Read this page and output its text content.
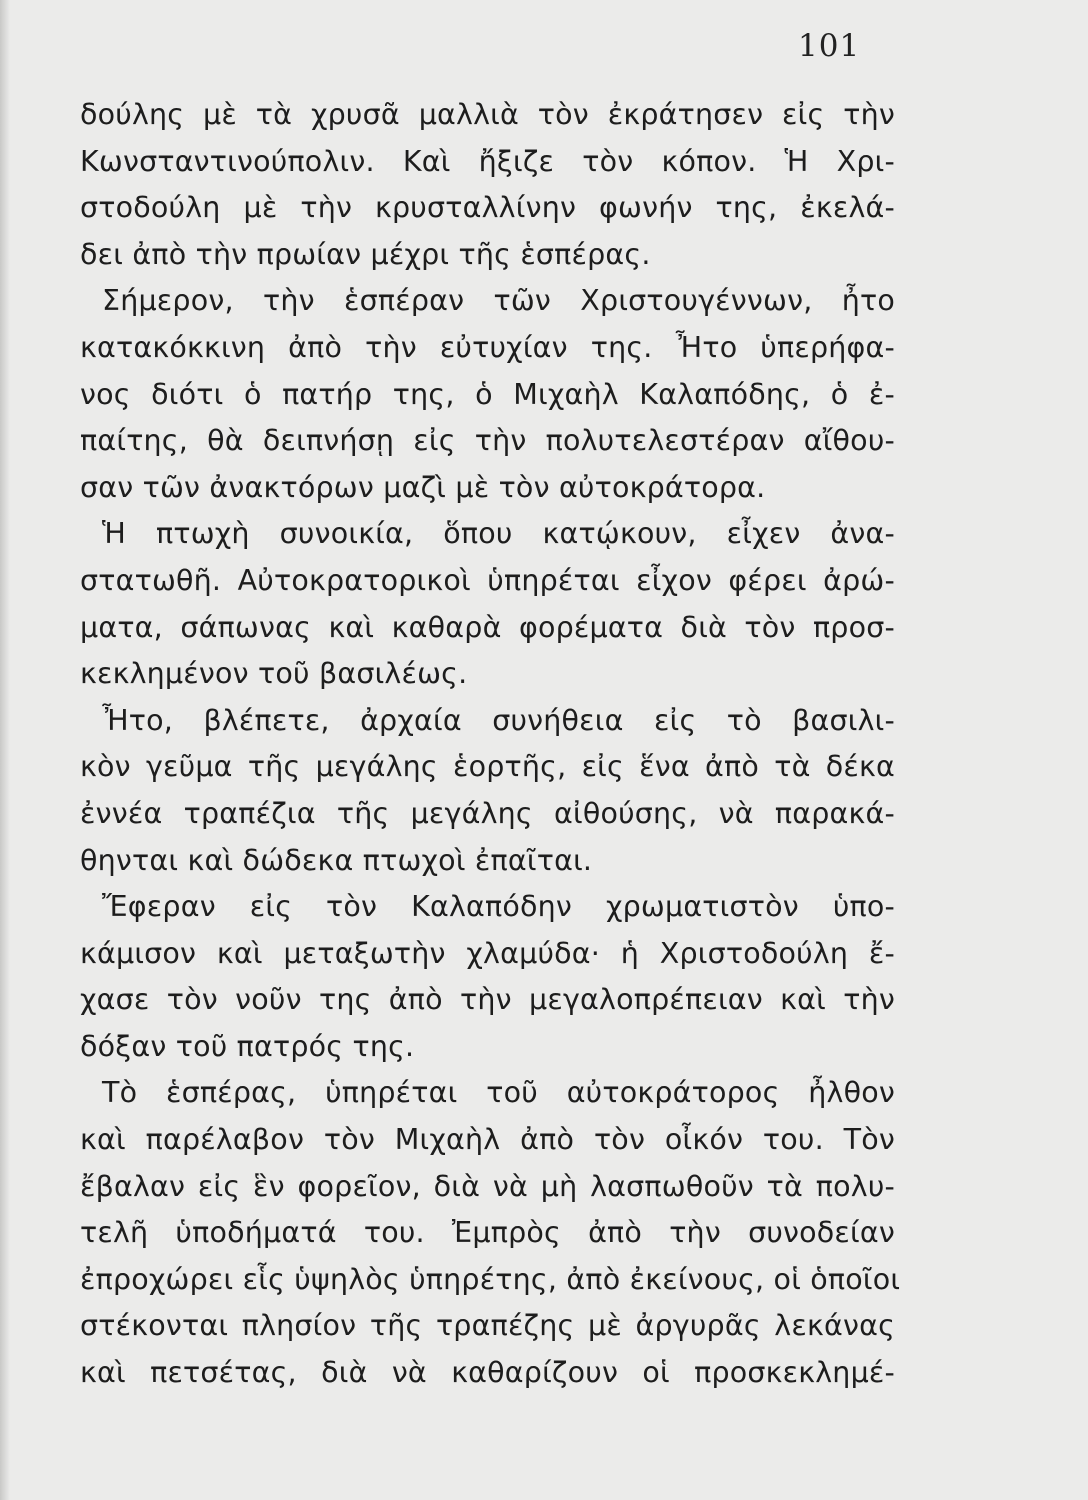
101
δούλης μὲ τὰ χρυσᾶ μαλλιὰ τὸν ἐκράτησεν εἰς τὴν
Κωνσταντινούπολιν. Καὶ ἤξιζε τὸν κόπον. Ἡ Χρι-
στοδούλη μὲ τὴν κρυσταλλίνην φωνήν της, ἐκελά-
δει ἀπὸ τὴν πρωίαν μέχρι τῆς ἑσπέρας.
Σήμερον, τὴν ἑσπέραν τῶν Χριστουγέννων, ἦτο
κατακόκκινη ἀπὸ τὴν εὐτυχίαν της. Ἦτο ὑπερήφα-
νος διότι ὁ πατήρ της, ὁ Μιχαὴλ Καλαπόδης, ὁ ἐ-
παίτης, θὰ δειπνήσῃ εἰς τὴν πολυτελεστέραν αἴθου-
σαν τῶν ἀνακτόρων μαζὶ μὲ τὸν αὐτοκράτορα.
Ἡ πτωχὴ συνοικία, ὅπου κατῴκουν, εἶχεν ἀνα-
στατωθῆ. Αὐτοκρατορικοὶ ὑπηρέται εἶχον φέρει ἀρώ-
ματα, σάπωνας καὶ καθαρὰ φορέματα διὰ τὸν προσ-
κεκλημένον τοῦ βασιλέως.
Ἦτο, βλέπετε, ἀρχαία συνήθεια εἰς τὸ βασιλι-
κὸν γεῦμα τῆς μεγάλης ἑορτῆς, εἰς ἕνα ἀπὸ τὰ δέκα
ἐννέα τραπέζια τῆς μεγάλης αἰθούσης, νὰ παρακά-
θηνται καὶ δώδεκα πτωχοὶ ἐπαῖται.
Ἔφεραν εἰς τὸν Καλαπόδην χρωματιστὸν ὑπο-
κάμισον καὶ μεταξωτὴν χλαμύδα· ἡ Χριστοδούλη ἔ-
χασε τὸν νοῦν της ἀπὸ τὴν μεγαλοπρέπειαν καὶ τὴν
δόξαν τοῦ πατρός της.
Τὸ ἑσπέρας, ὑπηρέται τοῦ αὐτοκράτορος ἦλθον
καὶ παρέλαβον τὸν Μιχαὴλ ἀπὸ τὸν οἶκόν του. Τὸν
ἔβαλαν εἰς ἓν φορεῖον, διὰ νὰ μὴ λασπωθοῦν τὰ πολυ-
τελῆ ὑποδήματά του. Ἐμπρὸς ἀπὸ τὴν συνοδείαν
ἐπροχώρει εἷς ὑψηλὸς ὑπηρέτης, ἀπὸ ἐκείνους, οἱ ὁποῖοι
στέκονται πλησίον τῆς τραπέζης μὲ ἀργυρᾶς λεκάνας
καὶ πετσέτας, διὰ νὰ καθαρίζουν οἱ προσκεκλημέ-
